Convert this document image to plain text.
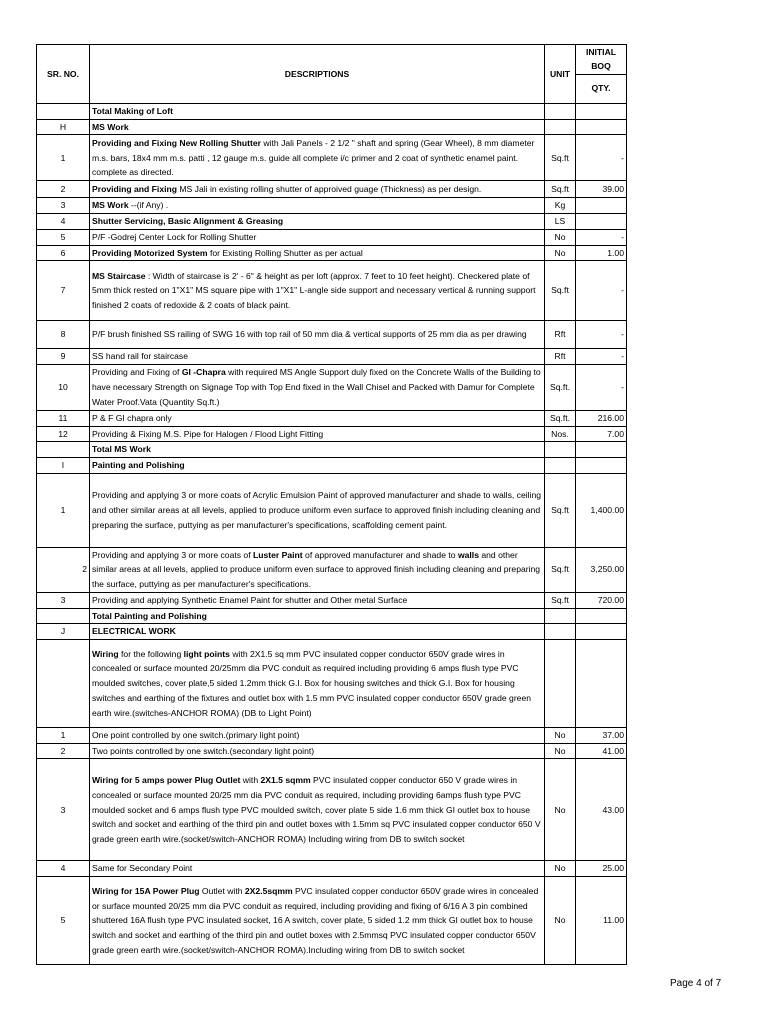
SR. NO.	DESCRIPTIONS	UNIT	INITIAL
BOQ
			QTY.

	Total Making of Loft		
H	MS Work		
1	Providing and Fixing New Rolling Shutter with Jali Panels - 2 1/2 " shaft and spring (Gear Wheel), 8 mm diameter m.s. bars, 18x4 mm m.s. patti , 12 gauge m.s. guide all complete i/c primer and 2 coat of synthetic enamel paint. complete as directed.	Sq.ft	-
2	Providing and Fixing MS Jali in existing rolling shutter of approived guage (Thickness) as per design.	Sq.ft	39.00
3	MS Work --(if Any) .	Kg	
4	Shutter Servicing, Basic Alignment & Greasing	LS	
5	P/F -Godrej Center Lock for Rolling Shutter	No	-
6	Providing Motorized System for Existing Rolling Shutter as per actual	No	1.00
7	MS Staircase : Width of staircase is 2' - 6" & height as per loft (approx. 7 feet to 10 feet height). Checkered plate of 5mm thick rested on 1"X1" MS square pipe with 1"X1" L-angle side support and necessary vertical & running support finished 2 coats of redoxide & 2 coats of black paint.	Sq.ft	-
8	P/F brush finished SS railing of SWG 16 with top rail of 50 mm dia & vertical supports of 25 mm dia as per drawing	Rft	-
9	SS hand rail for staircase	Rft	-
10	Providing and Fixing of GI -Chapra with required MS Angle Support duly fixed on the Concrete Walls of the Building to have necessary Strength on Signage Top with Top End fixed in the Wall Chisel and Packed with Damur for Complete Water Proof.Vata (Quantity Sq.ft.)	Sq.ft.	-
11	P & F GI chapra only	Sq.ft.	216.00
12	Providing & Fixing M.S. Pipe for Halogen / Flood Light Fitting	Nos.	7.00
	Total MS Work		
I	Painting and Polishing		
1	Providing and applying 3 or more coats of Acrylic Emulsion Paint of approved manufacturer and shade to walls, ceiling and other similar areas at all levels, applied to produce uniform even surface to approved finish including cleaning and preparing the surface, puttying as per manufacturer's specifications, scaffolding cement paint.	Sq.ft	1,400.00
2	Providing and applying 3 or more coats of Luster Paint of approved manufacturer and shade to walls and other similar areas at all levels, applied to produce uniform even surface to approved finish including cleaning and preparing the surface, puttying as per manufacturer's specifications.	Sq.ft	3,250.00
3	Providing and applying Synthetic Enamel Paint for shutter and Other metal Surface	Sq.ft	720.00
	Total Painting and Polishing		
J	ELECTRICAL WORK		
	Wiring for the following light points with 2X1.5 sq mm PVC insulated copper conductor 650V grade wires in concealed or surface mounted 20/25mm dia PVC conduit as required including providing 6 amps flush type PVC moulded switches, cover plate,5 sided 1.2mm thick G.I. Box for housing switches and thick G.I. Box for housing switches and earthing of the fixtures and outlet box with 1.5 mm PVC insulated copper conductor 650V grade green earth wire.(switches-ANCHOR ROMA) (DB to Light Point)		
1	One point controlled by one switch.(primary light point)	No	37.00
2	Two points controlled by one switch.(secondary light point)	No	41.00
3	Wiring for 5 amps power Plug Outlet with 2X1.5 sqmm PVC insulated copper conductor 650 V grade wires in concealed or surface mounted 20/25 mm dia PVC conduit as required, including providing 6amps flush type PVC moulded socket and 6 amps flush type PVC moulded switch, cover plate 5 side 1.6 mm thick GI outlet box to house switch and socket and earthing of the third pin and outlet boxes with 1.5mm sq PVC insulated copper conductor 650 V grade green earth wire.(socket/switch-ANCHOR ROMA) Including wiring from DB to switch socket	No	43.00
4	Same for Secondary Point	No	25.00
5	Wiring for 15A Power Plug Outlet with 2X2.5sqmm PVC insulated copper conductor 650V grade wires in concealed or surface mounted 20/25 mm dia PVC conduit as required, including providing and fixing of 6/16 A 3 pin combined shuttered 16A flush type PVC insulated socket, 16 A switch, cover plate, 5 sided 1.2 mm thick GI outlet box to house switch and socket and earthing of the third pin and outlet boxes with 2.5mmsq PVC insulated copper conductor 650V grade green earth wire.(socket/switch-ANCHOR ROMA).Including wiring from DB to switch socket	No	11.00
Page 4 of 7
